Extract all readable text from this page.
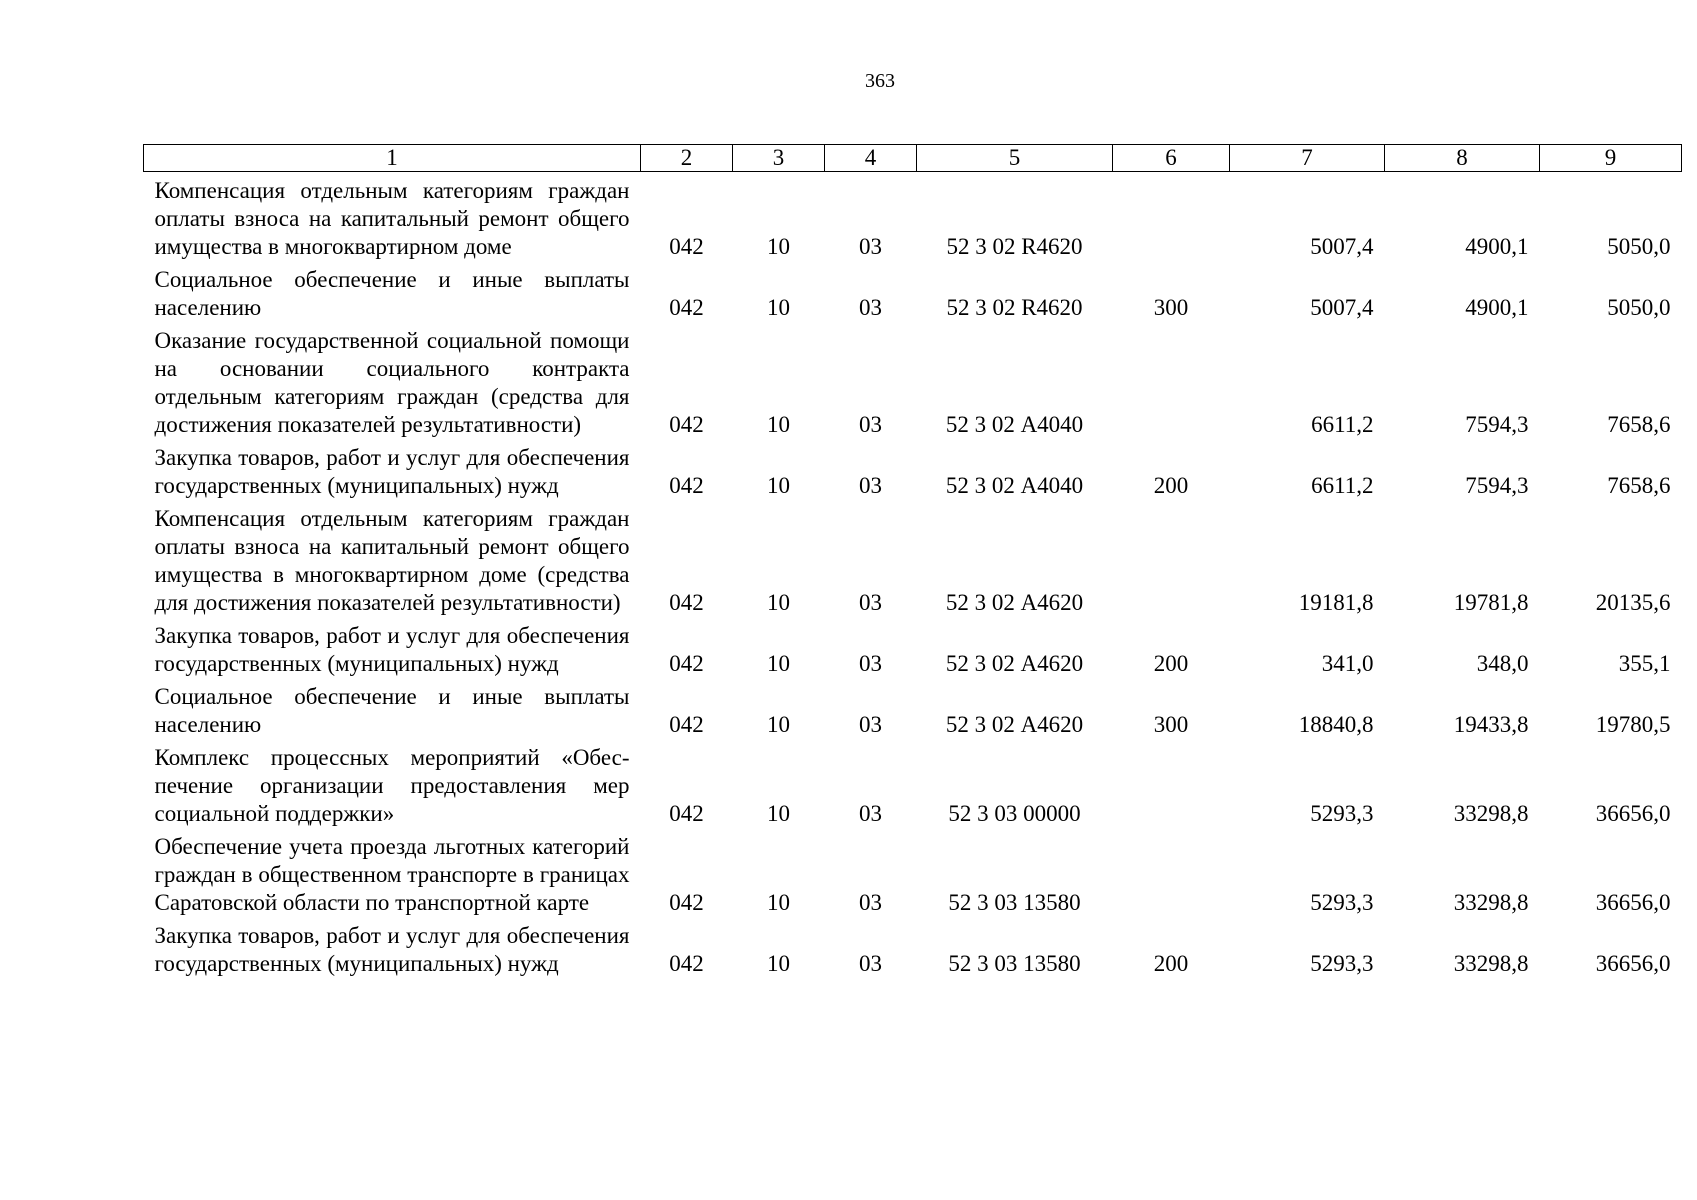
363
1	2	3	4	5	6	7	8	9
Компенсация отдельным категориям граждан оплаты взноса на капитальный ремонт общего имущества в многоквартирном доме	042	10	03	52 3 02 R4620		5007,4	4900,1	5050,0
Социальное обеспечение и иные выплаты населению	042	10	03	52 3 02 R4620	300	5007,4	4900,1	5050,0
Оказание государственной социальной помощи на основании социального контракта отдельным категориям граждан (средства для достижения показателей результативности)	042	10	03	52 3 02 А4040		6611,2	7594,3	7658,6
Закупка товаров, работ и услуг для обеспечения государственных (муниципальных) нужд	042	10	03	52 3 02 А4040	200	6611,2	7594,3	7658,6
Компенсация отдельным категориям граждан оплаты взноса на капитальный ремонт общего имущества в многоквартирном доме (средства для достижения показателей результативности)	042	10	03	52 3 02 А4620		19181,8	19781,8	20135,6
Закупка товаров, работ и услуг для обеспечения государственных (муниципальных) нужд	042	10	03	52 3 02 А4620	200	341,0	348,0	355,1
Социальное обеспечение и иные выплаты населению	042	10	03	52 3 02 А4620	300	18840,8	19433,8	19780,5
Комплекс процессных мероприятий «Обеспечение организации предоставления мер социальной поддержки»	042	10	03	52 3 03 00000		5293,3	33298,8	36656,0
Обеспечение учета проезда льготных категорий граждан в общественном транспорте в границах Саратовской области по транспортной карте	042	10	03	52 3 03 13580		5293,3	33298,8	36656,0
Закупка товаров, работ и услуг для обеспечения государственных (муниципальных) нужд	042	10	03	52 3 03 13580	200	5293,3	33298,8	36656,0
